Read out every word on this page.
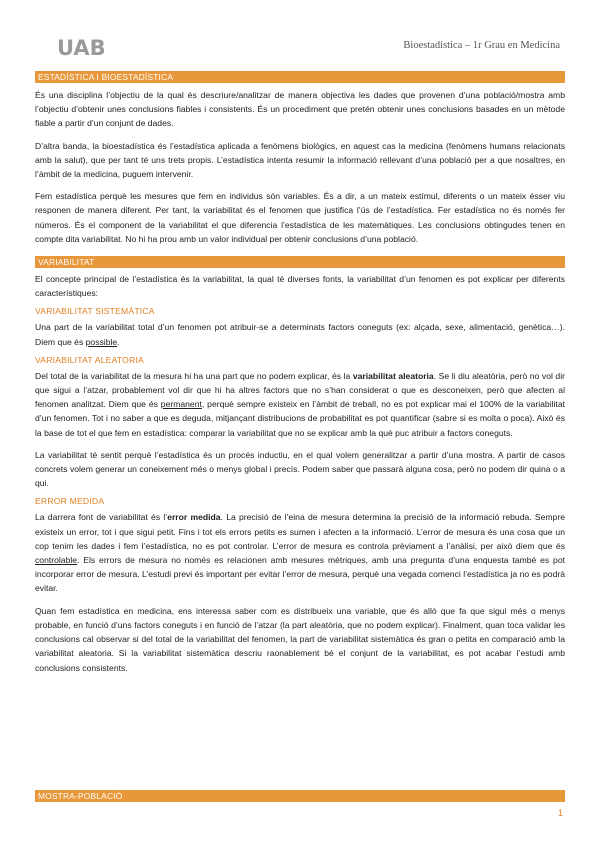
UAB	Bioestadística – 1r Grau en Medicina
ESTADÍSTICA I BIOESTADÍSTICA

És una disciplina l’objectiu de la qual és descriure/analitzar de manera objectiva les dades que provenen d’una població/mostra amb l’objectiu d’obtenir unes conclusions fiables i consistents. És un procediment que pretén obtenir unes conclusions basades en un mètode fiable a partir d’un conjunt de dades.

D’altra banda, la bioestadística és l’estadística aplicada a fenòmens biològics, en aquest cas la medicina (fenòmens humans relacionats amb la salut), que per tant té uns trets propis. L’estadística intenta resumir la informació rellevant d’una població per a que nosaltres, en l’àmbit de la medicina, puguem intervenir.

Fem estadística perquè les mesures que fem en individus són variables. És a dir, a un mateix estímul, diferents o un mateix ésser viu responen de manera diferent. Per tant, la variabilitat és el fenomen que justifica l’ús de l’estadística. Fer estadística no és només fer números. És el component de la variabilitat el que diferencia l’estadística de les matemàtiques. Les conclusions obtingudes tenen en compte dita variabilitat. No hi ha prou amb un valor individual per obtenir conclusions d’una població.

VARIABILITAT

El concepte principal de l’estadística és la variabilitat, la qual té diverses fonts, la variabilitat d’un fenomen es pot explicar per diferents característiques:

VARIABILITAT SISTEMÀTICA

Una part de la variabilitat total d’un fenomen pot atribuir-se a determinats factors coneguts (ex: alçada, sexe, alimentació, genètica…). Diem que és possible.

VARIABILITAT ALEATORIA

Del total de la variabilitat de la mesura hi ha una part que no podem explicar, és la variabilitat aleatoria. Se li diu aleatòria, però no vol dir que sigui a l’atzar, probablement vol dir que hi ha altres factors que no s’han considerat o que es desconeixen, però que afecten al fenomen analitzat. Diem que és permanent, perquè sempre existeix en l’àmbit de treball, no es pot explicar mai el 100% de la variabilitat d’un fenomen. Tot i no saber a que es deguda, mitjançant distribucions de probabilitat es pot quantificar (sabre si es molta o poca). Això és la base de tot el que fem en estadística: comparar la variabilitat que no se explicar amb la què puc atribuir a factors coneguts.

La variabilitat té sentit perquè l’estadística és un procés inductiu, en el qual volem generalitzar a partir d’una mostra. A partir de casos concrets volem generar un coneixement més o menys global i precís. Podem saber que passarà alguna cosa, però no podem dir quina o a qui.

ERROR MEDIDA

La darrera font de variabilitat és l’error medida. La precisió de l’eina de mesura determina la precisió de la informació rebuda. Sempre existeix un error, tot i que sigui petit. Fins i tot els errors petits es sumen i afecten a la informació. L’error de mesura és una cosa que un cop tenim les dades i fem l’estadística, no es pot controlar. L’error de mesura es controla prèviament a l’anàlisi, per això diem que és controlable. Els errors de mesura no només es relacionen amb mesures mètriques, amb una pregunta d’una enquesta també es pot incorporar error de mesura. L’estudi previ és important per evitar l’error de mesura, perquè una vegada comenci l’estadística ja no es podrà evitar.

Quan fem estadística en medicina, ens interessa saber com es distribueix una variable, que és allò que fa que sigui més o menys probable, en funció d’uns factors coneguts i en funció de l’atzar (la part aleatòria, que no podem explicar). Finalment, quan toca validar les conclusions cal observar si del total de la variabilitat del fenomen, la part de variabilitat sistemàtica és gran o petita en comparació amb la variabilitat aleatoria. Si la variabilitat sistemàtica descriu raonablement bé el conjunt de la variabilitat, es pot acabar l’estudi amb conclusions consistents.

MOSTRA-POBLACIÓ
1
